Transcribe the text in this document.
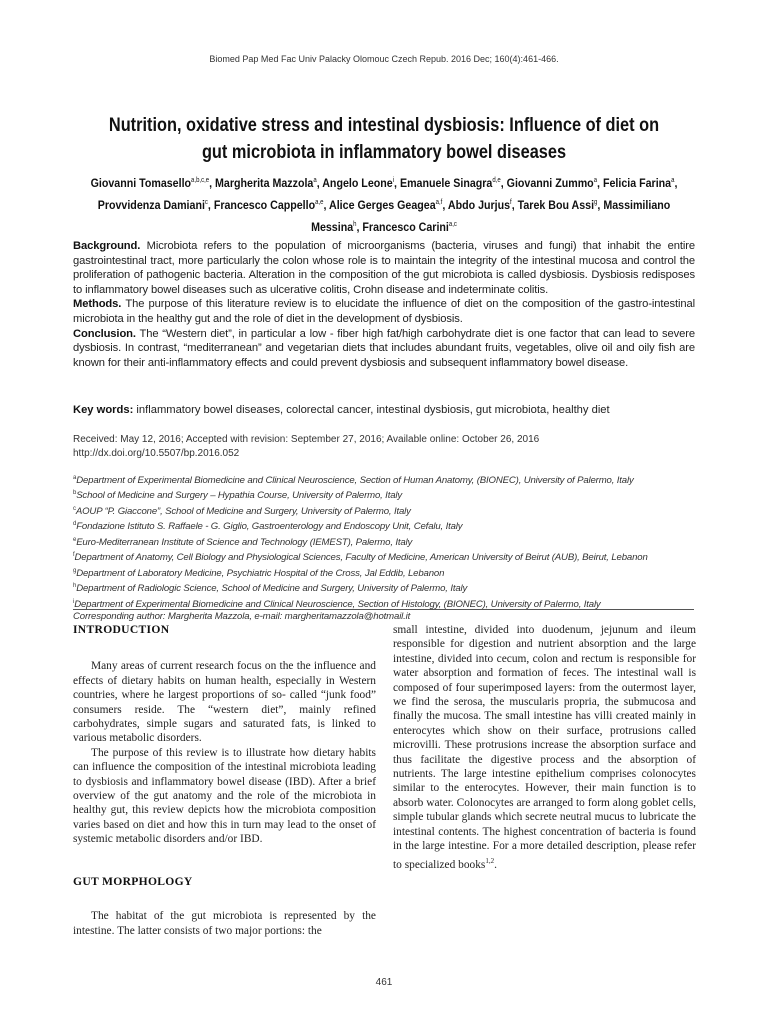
Biomed Pap Med Fac Univ Palacky Olomouc Czech Repub. 2016 Dec; 160(4):461-466.
Nutrition, oxidative stress and intestinal dysbiosis: Influence of diet on gut microbiota in inflammatory bowel diseases
Giovanni Tomasello$^{a,b,c,e}$, Margherita Mazzola$^a$, Angelo Leone$^i$, Emanuele Sinagra$^{d,e}$, Giovanni Zummo$^a$, Felicia Farina$^a$, Provvidenza Damiani$^c$, Francesco Cappello$^{a,e}$, Alice Gerges Geagea$^{a,f}$, Abdo Jurjus$^f$, Tarek Bou Assi$^g$, Massimiliano Messina$^h$, Francesco Carini$^{a,c}$

Background. Microbiota refers to the population of microorganisms (bacteria, viruses and fungi) that inhabit the entire gastrointestinal tract, more particularly the colon whose role is to maintain the integrity of the intestinal mucosa and control the proliferation of pathogenic bacteria. Alteration in the composition of the gut microbiota is called dysbiosis. Dysbiosis redisposes to inflammatory bowel diseases such as ulcerative colitis, Crohn disease and indeterminate colitis.

Methods. The purpose of this literature review is to elucidate the influence of diet on the composition of the gastro-intestinal microbiota in the healthy gut and the role of diet in the development of dysbiosis.

Conclusion. The “Western diet”, in particular a low - fiber high fat/high carbohydrate diet is one factor that can lead to severe dysbiosis. In contrast, “mediterranean” and vegetarian diets that includes abundant fruits, vegetables, olive oil and oily fish are known for their anti-inflammatory effects and could prevent dysbiosis and subsequent inflammatory bowel disease.

Key words: inflammatory bowel diseases, colorectal cancer, intestinal dysbiosis, gut microbiota, healthy diet
Received: May 12, 2016; Accepted with revision: September 27, 2016; Available online: October 26, 2016
http://dx.doi.org/10.5507/bp.2016.052
$^a$Department of Experimental Biomedicine and Clinical Neuroscience, Section of Human Anatomy, (BIONEC), University of Palermo, Italy
$^b$School of Medicine and Surgery – Hypathia Course, University of Palermo, Italy
$^c$AOUP “P. Giaccone”, School of Medicine and Surgery, University of Palermo, Italy
$^d$Fondazione Istituto S. Raffaele - G. Giglio, Gastroenterology and Endoscopy Unit, Cefalu, Italy
$^e$Euro-Mediterranean Institute of Science and Technology (IEMEST), Palermo, Italy
$^f$Department of Anatomy, Cell Biology and Physiological Sciences, Faculty of Medicine, American University of Beirut (AUB), Beirut, Lebanon
$^g$Department of Laboratory Medicine, Psychiatric Hospital of the Cross, Jal Eddib, Lebanon
$^h$Department of Radiologic Science, School of Medicine and Surgery, University of Palermo, Italy
$^i$Department of Experimental Biomedicine and Clinical Neuroscience, Section of Histology, (BIONEC), University of Palermo, Italy
Corresponding author: Margherita Mazzola, e-mail: margheritamazzola@hotmail.it
INTRODUCTION

Many areas of current research focus on the the influence and effects of dietary habits on human health, especially in Western countries, where he largest proportions of so- called “junk food” consumers reside. The “western diet”, mainly refined carbohydrates, simple sugars and saturated fats, is linked to various metabolic disorders.

The purpose of this review is to illustrate how dietary habits can influence the composition of the intestinal microbiota leading to dysbiosis and inflammatory bowel disease (IBD). After a brief overview of the gut anatomy and the role of the microbiota in healthy gut, this review depicts how the microbiota composition varies based on diet and how this in turn may lead to the onset of systemic metabolic disorders and/or IBD.

GUT MORPHOLOGY

The habitat of the gut microbiota is represented by the intestine. The latter consists of two major portions: the

small intestine, divided into duodenum, jejunum and ileum responsible for digestion and nutrient absorption and the large intestine, divided into cecum, colon and rectum is responsible for water absorption and formation of feces. The intestinal wall is composed of four superimposed layers: from the outermost layer, we find the serosa, the muscularis propria, the submucosa and finally the mucosa. The small intestine has villi created mainly in enterocytes which show on their surface, protrusions called microvilli. These protrusions increase the absorption surface and thus facilitate the digestive process and the absorption of nutrients. The large intestine epithelium comprises colonocytes similar to the enterocytes. However, their main function is to absorb water. Colonocytes are arranged to form along goblet cells, simple tubular glands which secrete neutral mucus to lubricate the intestinal contents. The highest concentration of bacteria is found in the large intestine. For a more detailed description, please refer to specialized books$^{1,2}$.

461
